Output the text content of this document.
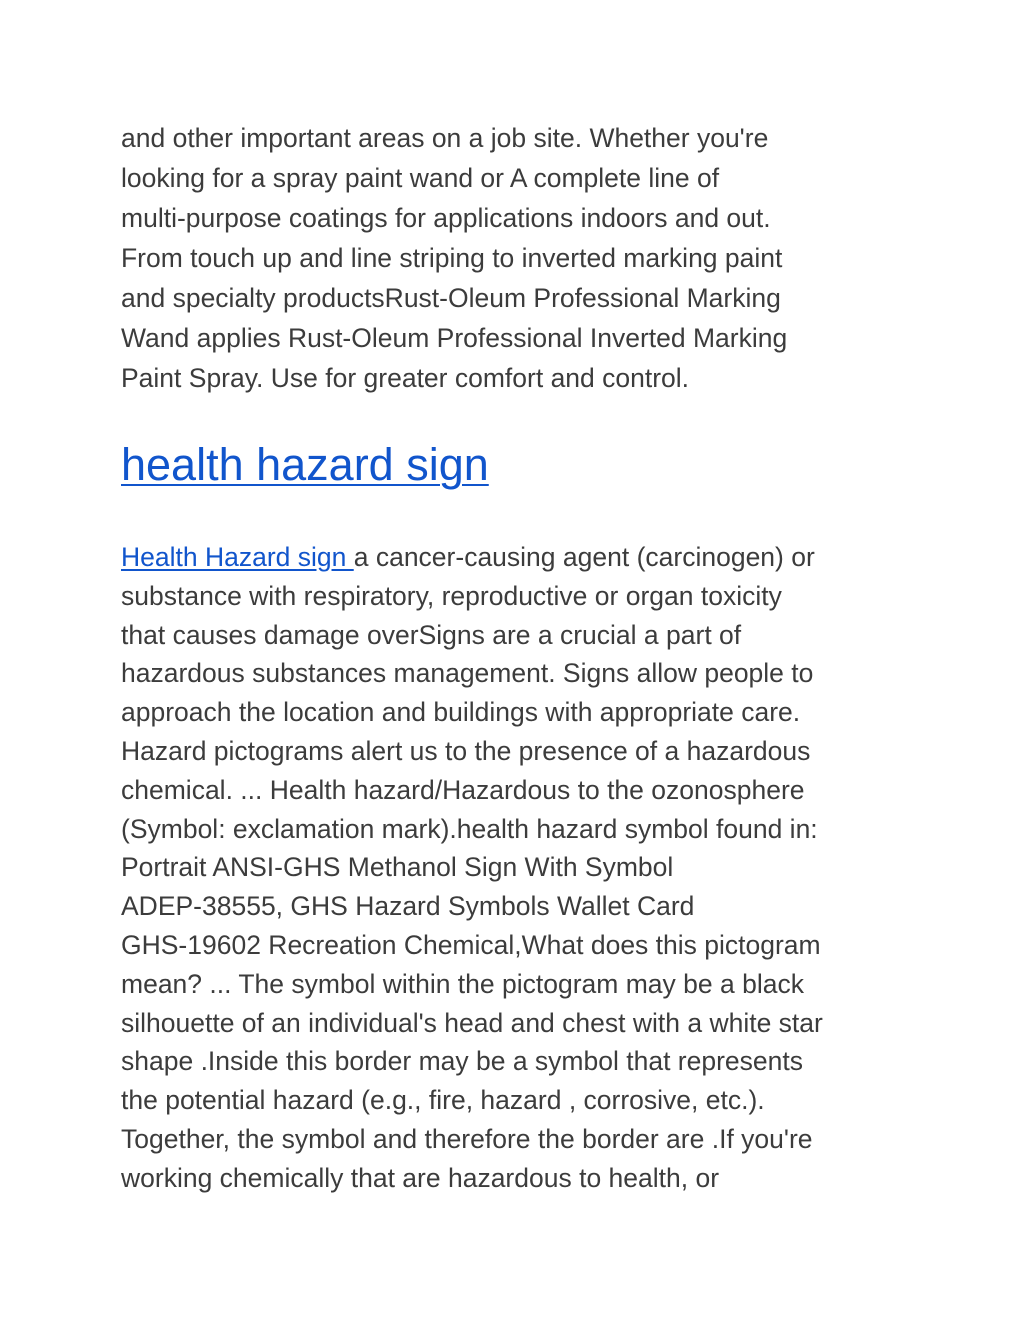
and other important areas on a job site. Whether you're
looking for a spray paint wand or A complete line of
multi-purpose coatings for applications indoors and out.
From touch up and line striping to inverted marking paint
and specialty productsRust-Oleum Professional Marking
Wand applies Rust-Oleum Professional Inverted Marking
Paint Spray. Use for greater comfort and control.

health hazard sign

Health Hazard sign a cancer-causing agent (carcinogen) or
substance with respiratory, reproductive or organ toxicity
that causes damage overSigns are a crucial a part of
hazardous substances management. Signs allow people to
approach the location and buildings with appropriate care.
Hazard pictograms alert us to the presence of a hazardous
chemical. ... Health hazard/Hazardous to the ozonosphere
(Symbol: exclamation mark).health hazard symbol found in:
Portrait ANSI-GHS Methanol Sign With Symbol
ADEP-38555, GHS Hazard Symbols Wallet Card
GHS-19602 Recreation Chemical,What does this pictogram
mean? ... The symbol within the pictogram may be a black
silhouette of an individual's head and chest with a white star
shape .Inside this border may be a symbol that represents
the potential hazard (e.g., fire, hazard , corrosive, etc.).
Together, the symbol and therefore the border are .If you're
working chemically that are hazardous to health, or
